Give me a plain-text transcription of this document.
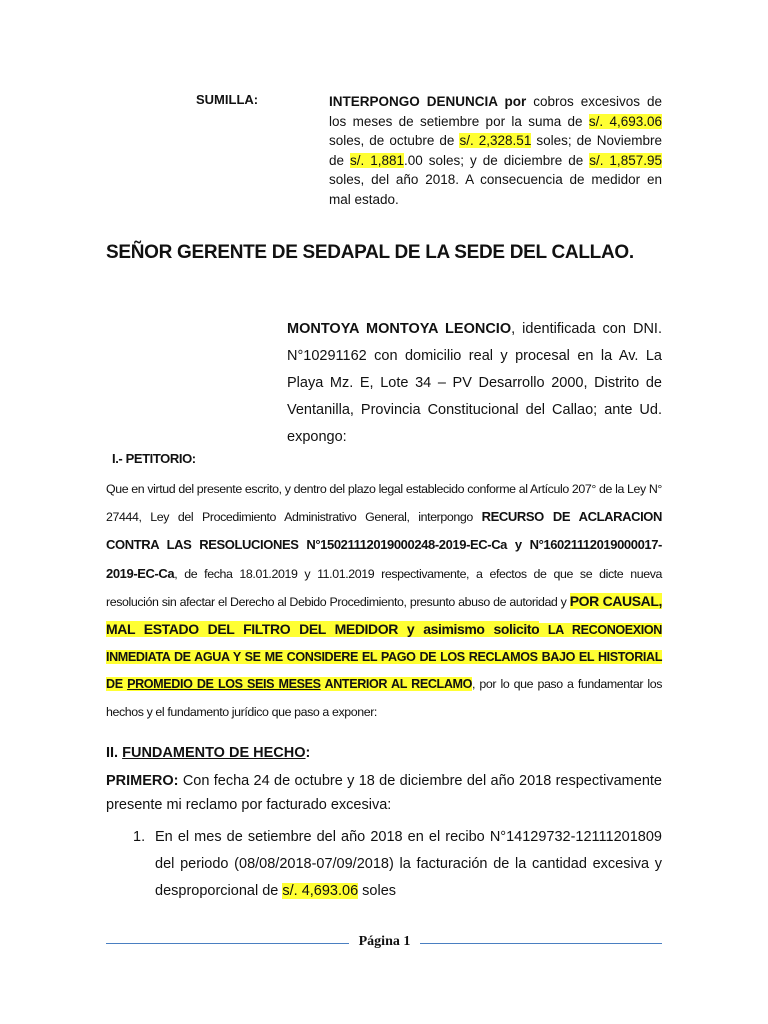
SUMILLA:	INTERPONGO DENUNCIA por cobros excesivos de los meses de setiembre por la suma de s/. 4,693.06 soles, de octubre de s/. 2,328.51 soles; de Noviembre de s/. 1,881.00 soles; y de diciembre de s/. 1,857.95 soles, del año 2018. A consecuencia de medidor en mal estado.
SEÑOR GERENTE DE SEDAPAL DE LA SEDE DEL CALLAO.
MONTOYA MONTOYA LEONCIO, identificada con DNI. N°10291162 con domicilio real y procesal en la Av. La Playa Mz. E, Lote 34 – PV Desarrollo 2000, Distrito de Ventanilla, Provincia Constitucional del Callao; ante Ud. expongo:
I.- PETITORIO:
Que en virtud del presente escrito, y dentro del plazo legal establecido conforme al Artículo 207° de la Ley N° 27444, Ley del Procedimiento Administrativo General, interpongo RECURSO DE ACLARACION CONTRA LAS RESOLUCIONES N°15021112019000248-2019-EC-Ca y N°16021112019000017-2019-EC-Ca, de fecha 18.01.2019 y 11.01.2019 respectivamente, a efectos de que se dicte nueva resolución sin afectar el Derecho al Debido Procedimiento, presunto abuso de autoridad y POR CAUSAL, MAL ESTADO DEL FILTRO DEL MEDIDOR y asimismo solicito LA RECONOEXION INMEDIATA DE AGUA Y SE ME CONSIDERE EL PAGO DE LOS RECLAMOS BAJO EL HISTORIAL DE PROMEDIO DE LOS SEIS MESES ANTERIOR AL RECLAMO, por lo que paso a fundamentar los hechos y el fundamento jurídico que paso a exponer:
II. FUNDAMENTO DE HECHO:
PRIMERO: Con fecha 24 de octubre y 18 de diciembre del año 2018 respectivamente presente mi reclamo por facturado excesiva:
1. En el mes de setiembre del año 2018 en el recibo N°14129732-12111201809 del periodo (08/08/2018-07/09/2018) la facturación de la cantidad excesiva y desproporcional de s/. 4,693.06 soles
Página 1
